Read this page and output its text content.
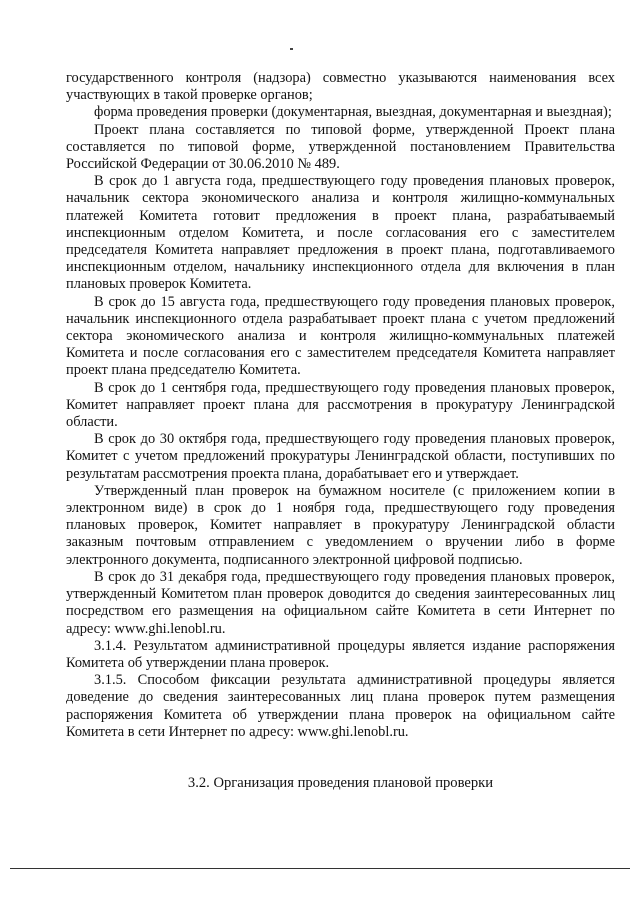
государственного контроля (надзора) совместно указываются наименования всех участвующих в такой проверке органов;

форма проведения проверки (документарная, выездная, документарная и выездная);

Проект плана составляется по типовой форме, утвержденной Проект плана составляется по типовой форме, утвержденной постановлением Правительства Российской Федерации от 30.06.2010 № 489.

В срок до 1 августа года, предшествующего году проведения плановых проверок, начальник сектора экономического анализа и контроля жилищно-коммунальных платежей Комитета готовит предложения в проект плана, разрабатываемый инспекционным отделом Комитета, и после согласования его с заместителем председателя Комитета направляет предложения в проект плана, подготавливаемого инспекционным отделом, начальнику инспекционного отдела для включения в план плановых проверок Комитета.

В срок до 15 августа года, предшествующего году проведения плановых проверок, начальник инспекционного отдела разрабатывает проект плана с учетом предложений сектора экономического анализа и контроля жилищно-коммунальных платежей Комитета и после согласования его с заместителем председателя Комитета направляет проект плана председателю Комитета.

В срок до 1 сентября года, предшествующего году проведения плановых проверок, Комитет направляет проект плана для рассмотрения в прокуратуру Ленинградской области.

В срок до 30 октября года, предшествующего году проведения плановых проверок, Комитет с учетом предложений прокуратуры Ленинградской области, поступивших по результатам рассмотрения проекта плана, дорабатывает его и утверждает.

Утвержденный план проверок на бумажном носителе (с приложением копии в электронном виде) в срок до 1 ноября года, предшествующего году проведения плановых проверок, Комитет направляет в прокуратуру Ленинградской области заказным почтовым отправлением с уведомлением о вручении либо в форме электронного документа, подписанного электронной цифровой подписью.

В срок до 31 декабря года, предшествующего году проведения плановых проверок, утвержденный Комитетом план проверок доводится до сведения заинтересованных лиц посредством его размещения на официальном сайте Комитета в сети Интернет по адресу: www.ghi.lenobl.ru.

3.1.4. Результатом административной процедуры является издание распоряжения Комитета об утверждении плана проверок.

3.1.5. Способом фиксации результата административной процедуры является доведение до сведения заинтересованных лиц плана проверок путем размещения распоряжения Комитета об утверждении плана проверок на официальном сайте Комитета в сети Интернет по адресу: www.ghi.lenobl.ru.

3.2. Организация проведения плановой проверки
